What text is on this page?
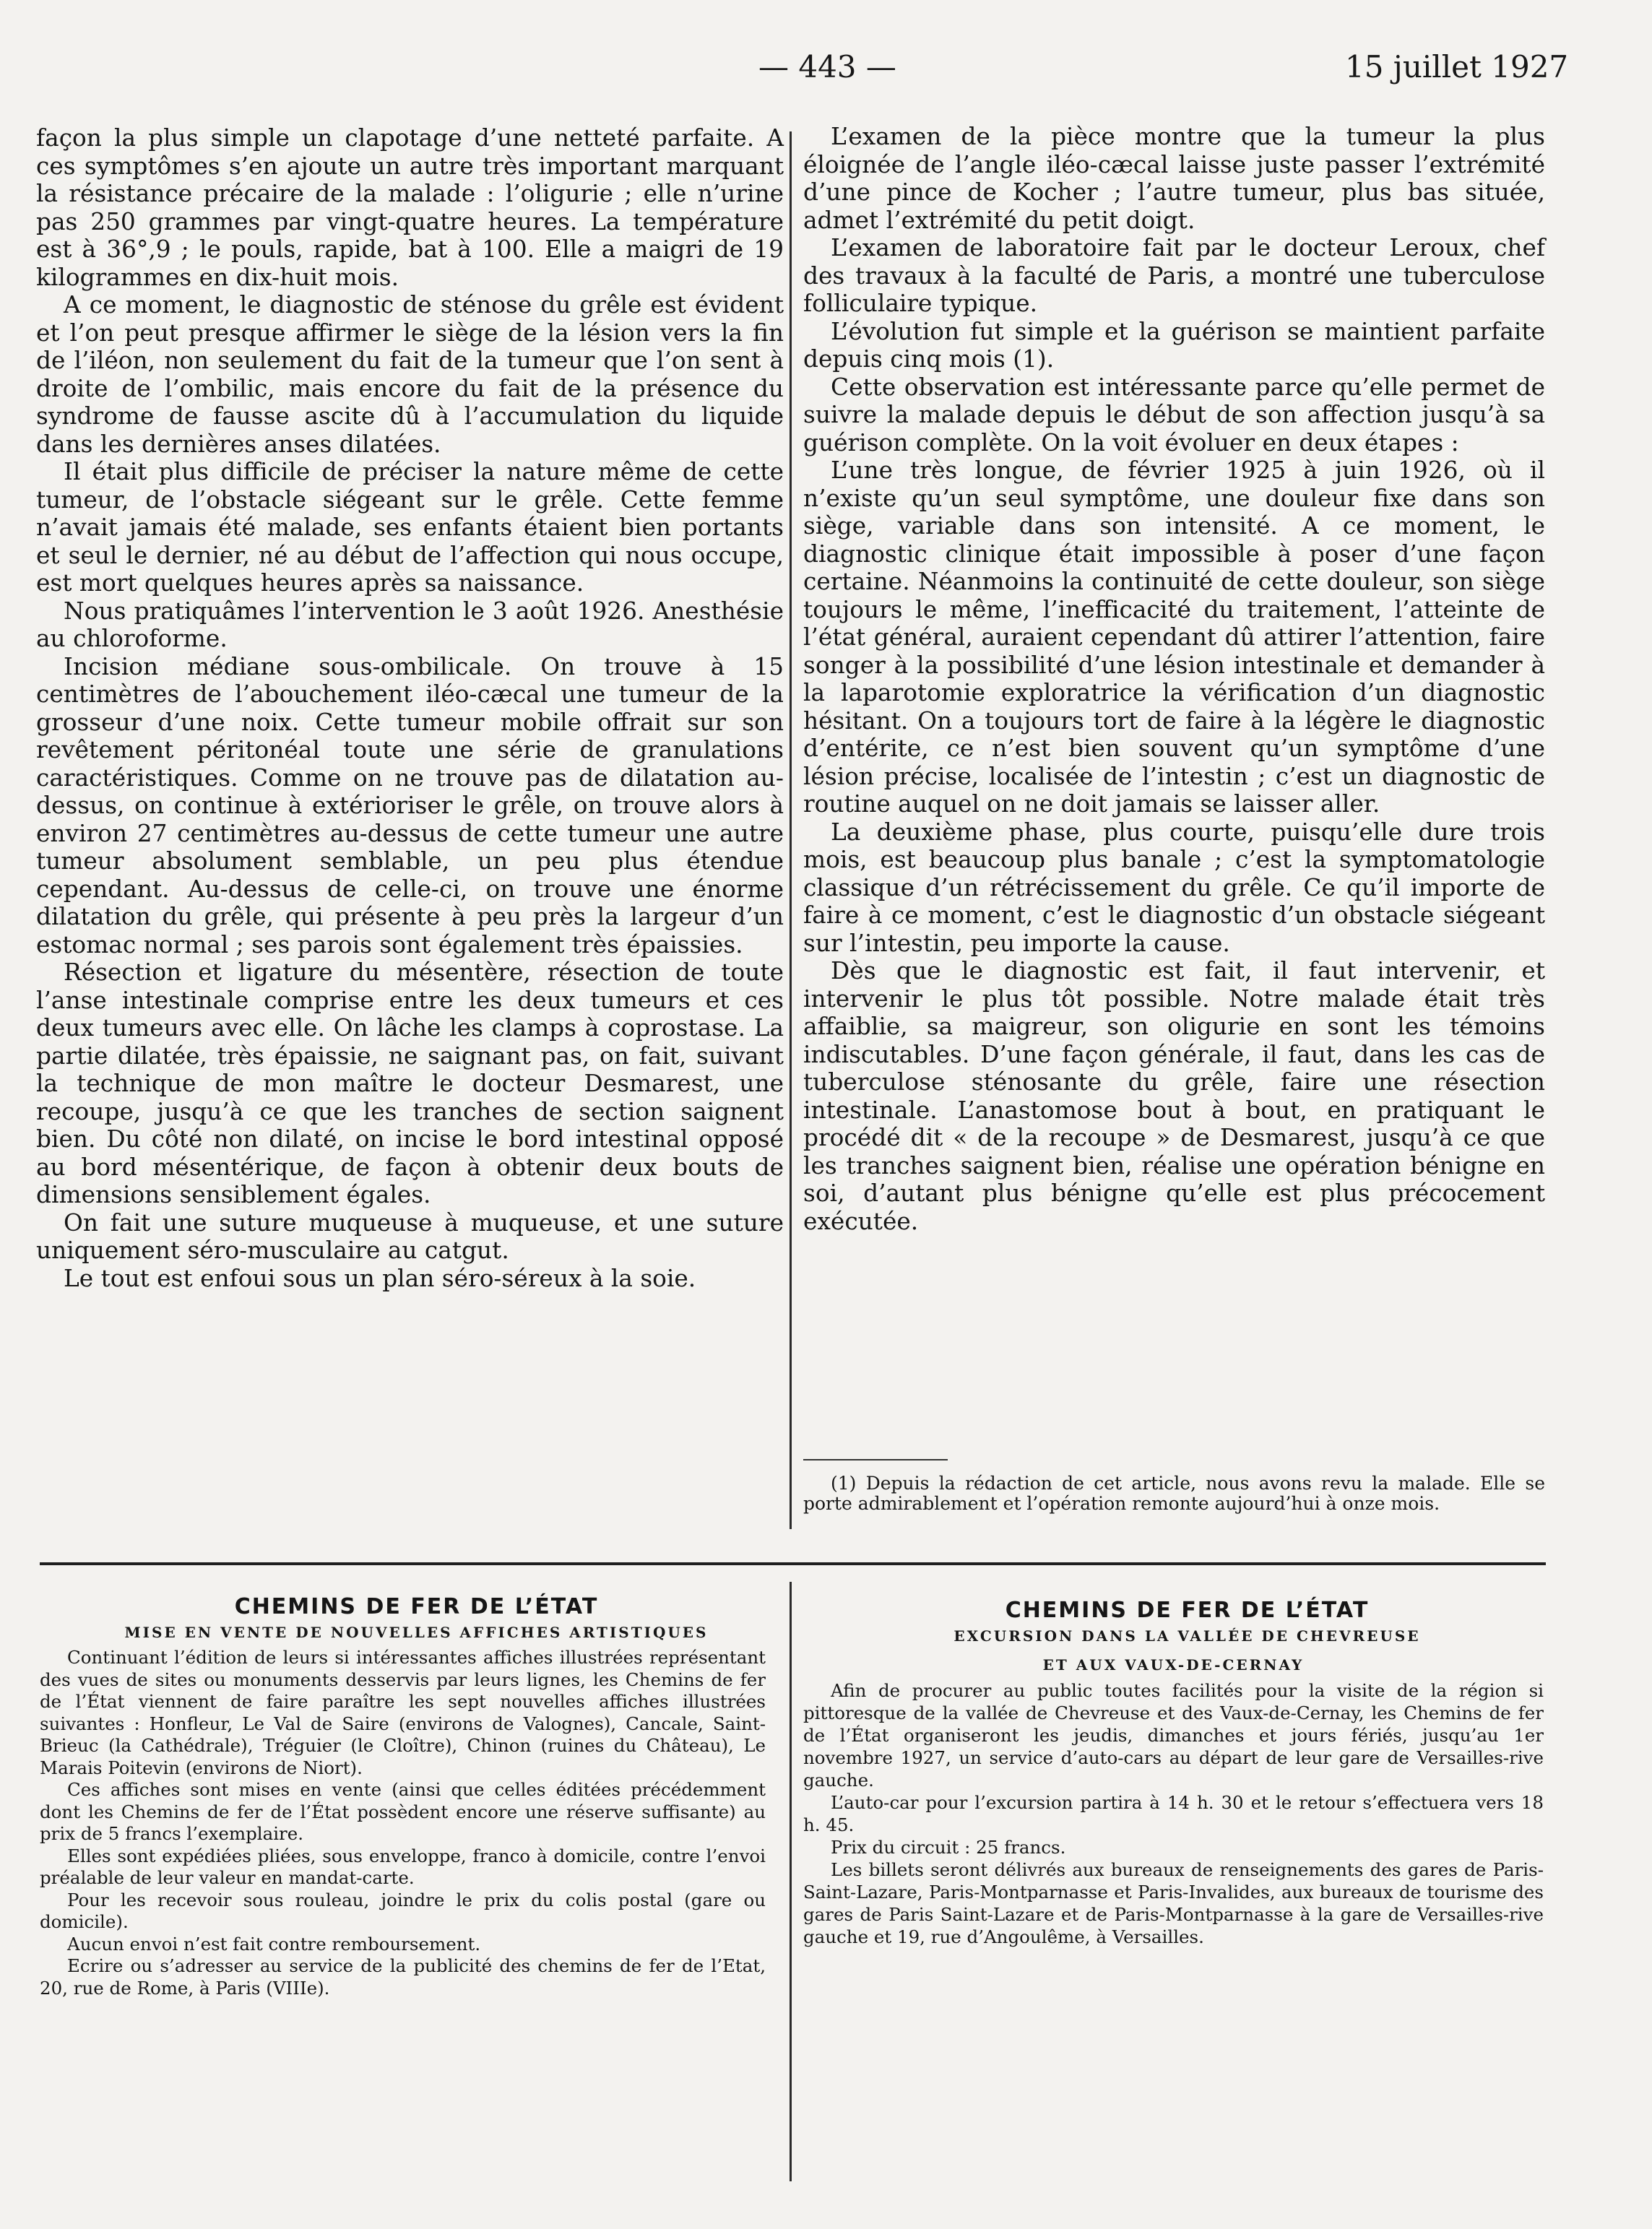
— 443 —	15 juillet 1927

façon la plus simple un clapotage d’une netteté parfaite. A ces symptômes s’en ajoute un autre très important marquant la résistance précaire de la malade : l’oligurie ; elle n’urine pas 250 grammes par vingt-quatre heures. La température est à 36°,9 ; le pouls, rapide, bat à 100. Elle a maigri de 19 kilogrammes en dix-huit mois.

A ce moment, le diagnostic de sténose du grêle est évident et l’on peut presque affirmer le siège de la lésion vers la fin de l’iléon, non seulement du fait de la tumeur que l’on sent à droite de l’ombilic, mais encore du fait de la présence du syndrome de fausse ascite dû à l’accumulation du liquide dans les dernières anses dilatées.

Il était plus difficile de préciser la nature même de cette tumeur, de l’obstacle siégeant sur le grêle. Cette femme n’avait jamais été malade, ses enfants étaient bien portants et seul le dernier, né au début de l’affection qui nous occupe, est mort quelques heures après sa naissance.

Nous pratiquâmes l’intervention le 3 août 1926. Anesthésie au chloroforme.

Incision médiane sous-ombilicale. On trouve à 15 centimètres de l’abouchement iléo-cæcal une tumeur de la grosseur d’une noix. Cette tumeur mobile offrait sur son revêtement péritonéal toute une série de granulations caractéristiques. Comme on ne trouve pas de dilatation au-dessus, on continue à extérioriser le grêle, on trouve alors à environ 27 centimètres au-dessus de cette tumeur une autre tumeur absolument semblable, un peu plus étendue cependant. Au-dessus de celle-ci, on trouve une énorme dilatation du grêle, qui présente à peu près la largeur d’un estomac normal ; ses parois sont également très épaissies.

Résection et ligature du mésentère, résection de toute l’anse intestinale comprise entre les deux tumeurs et ces deux tumeurs avec elle. On lâche les clamps à coprostase. La partie dilatée, très épaissie, ne saignant pas, on fait, suivant la technique de mon maître le docteur Desmarest, une recoupe, jusqu’à ce que les tranches de section saignent bien. Du côté non dilaté, on incise le bord intestinal opposé au bord mésentérique, de façon à obtenir deux bouts de dimensions sensiblement égales.

On fait une suture muqueuse à muqueuse, et une suture uniquement séro-musculaire au catgut.

Le tout est enfoui sous un plan séro-séreux à la soie.

L’examen de la pièce montre que la tumeur la plus éloignée de l’angle iléo-cæcal laisse juste passer l’extrémité d’une pince de Kocher ; l’autre tumeur, plus bas située, admet l’extrémité du petit doigt.

L’examen de laboratoire fait par le docteur Leroux, chef des travaux à la faculté de Paris, a montré une tuberculose folliculaire typique.

L’évolution fut simple et la guérison se maintient parfaite depuis cinq mois (1).

Cette observation est intéressante parce qu’elle permet de suivre la malade depuis le début de son affection jusqu’à sa guérison complète. On la voit évoluer en deux étapes :

L’une très longue, de février 1925 à juin 1926, où il n’existe qu’un seul symptôme, une douleur fixe dans son siège, variable dans son intensité. A ce moment, le diagnostic clinique était impossible à poser d’une façon certaine. Néanmoins la continuité de cette douleur, son siège toujours le même, l’inefficacité du traitement, l’atteinte de l’état général, auraient cependant dû attirer l’attention, faire songer à la possibilité d’une lésion intestinale et demander à la laparotomie exploratrice la vérification d’un diagnostic hésitant. On a toujours tort de faire à la légère le diagnostic d’entérite, ce n’est bien souvent qu’un symptôme d’une lésion précise, localisée de l’intestin ; c’est un diagnostic de routine auquel on ne doit jamais se laisser aller.

La deuxième phase, plus courte, puisqu’elle dure trois mois, est beaucoup plus banale ; c’est la symptomatologie classique d’un rétrécissement du grêle. Ce qu’il importe de faire à ce moment, c’est le diagnostic d’un obstacle siégeant sur l’intestin, peu importe la cause.

Dès que le diagnostic est fait, il faut intervenir, et intervenir le plus tôt possible. Notre malade était très affaiblie, sa maigreur, son oligurie en sont les témoins indiscutables. D’une façon générale, il faut, dans les cas de tuberculose sténosante du grêle, faire une résection intestinale. L’anastomose bout à bout, en pratiquant le procédé dit « de la recoupe » de Desmarest, jusqu’à ce que les tranches saignent bien, réalise une opération bénigne en soi, d’autant plus bénigne qu’elle est plus précocement exécutée.

(1) Depuis la rédaction de cet article, nous avons revu la malade. Elle se porte admirablement et l’opération remonte aujourd’hui à onze mois.

CHEMINS DE FER DE L’ÉTAT

MISE EN VENTE DE NOUVELLES AFFICHES ARTISTIQUES

Continuant l’édition de leurs si intéressantes affiches illustrées représentant des vues de sites ou monuments desservis par leurs lignes, les Chemins de fer de l’État viennent de faire paraître les sept nouvelles affiches illustrées suivantes : Honfleur, Le Val de Saire (environs de Valognes), Cancale, Saint-Brieuc (la Cathédrale), Tréguier (le Cloître), Chinon (ruines du Château), Le Marais Poitevin (environs de Niort).

Ces affiches sont mises en vente (ainsi que celles éditées précédemment dont les Chemins de fer de l’État possèdent encore une réserve suffisante) au prix de 5 francs l’exemplaire.

Elles sont expédiées pliées, sous enveloppe, franco à domicile, contre l’envoi préalable de leur valeur en mandat-carte.

Pour les recevoir sous rouleau, joindre le prix du colis postal (gare ou domicile).

Aucun envoi n’est fait contre remboursement.

Ecrire ou s’adresser au service de la publicité des chemins de fer de l’Etat, 20, rue de Rome, à Paris (VIIIe).

CHEMINS DE FER DE L’ÉTAT

EXCURSION DANS LA VALLÉE DE CHEVREUSE
ET AUX VAUX-DE-CERNAY

Afin de procurer au public toutes facilités pour la visite de la région si pittoresque de la vallée de Chevreuse et des Vaux-de-Cernay, les Chemins de fer de l’État organiseront les jeudis, dimanches et jours fériés, jusqu’au 1er novembre 1927, un service d’auto-cars au départ de leur gare de Versailles-rive gauche.

L’auto-car pour l’excursion partira à 14 h. 30 et le retour s’effectuera vers 18 h. 45.

Prix du circuit : 25 francs.

Les billets seront délivrés aux bureaux de renseignements des gares de Paris-Saint-Lazare, Paris-Montparnasse et Paris-Invalides, aux bureaux de tourisme des gares de Paris Saint-Lazare et de Paris-Montparnasse à la gare de Versailles-rive gauche et 19, rue d’Angoulême, à Versailles.
